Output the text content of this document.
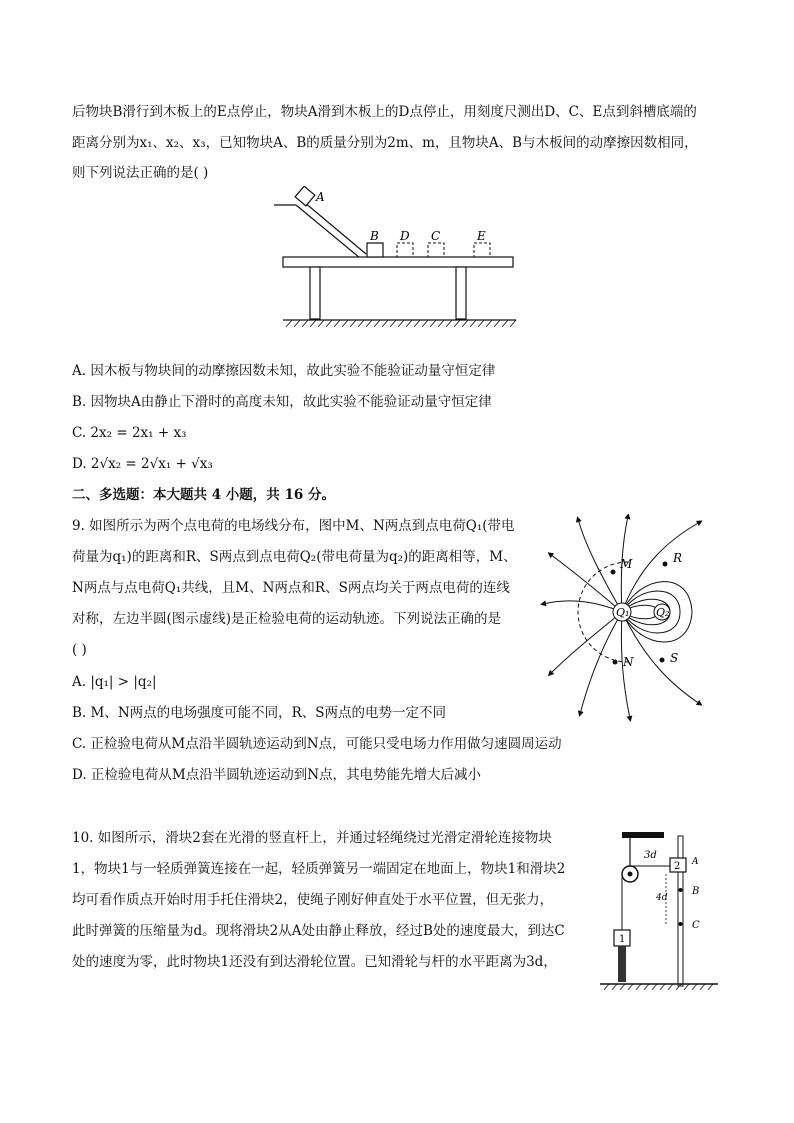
后物块B滑行到木板上的E点停止，物块A滑到木板上的D点停止，用刻度尺测出D、C、E点到斜槽底端的
距离分别为x₁、x₂、x₃，已知物块A、B的质量分别为2m、m，且物块A、B与木板间的动摩擦因数相同，
则下列说法正确的是( )
A
B D C	E
A. 因木板与物块间的动摩擦因数未知，故此实验不能验证动量守恒定律
B. 因物块A由静止下滑时的高度未知，故此实验不能验证动量守恒定律
C. 2x₂ = 2x₁ + x₃
D. 2√x₂ = 2√x₁ + √x₃
二、多选题：本大题共 4 小题，共 16 分。
9. 如图所示为两个点电荷的电场线分布，图中M、N两点到点电荷Q₁(带电
荷量为q₁)的距离和R、S两点到点电荷Q₂(带电荷量为q₂)的距离相等，M、
N两点与点电荷Q₁共线，且M、N两点和R、S两点均关于两点电荷的连线
对称，左边半圆(图示虚线)是正检验电荷的运动轨迹。下列说法正确的是
( )
Q₁ Q₂
M	R
N	S
A. |q₁| > |q₂|
B. M、N两点的电场强度可能不同，R、S两点的电势一定不同
C. 正检验电荷从M点沿半圆轨迹运动到N点，可能只受电场力作用做匀速圆周运动
D. 正检验电荷从M点沿半圆轨迹运动到N点，其电势能先增大后减小
10. 如图所示，滑块2套在光滑的竖直杆上，并通过轻绳绕过光滑定滑轮连接物块
1，物块1与一轻质弹簧连接在一起，轻质弹簧另一端固定在地面上，物块1和滑块2
均可看作质点开始时用手托住滑块2，使绳子刚好伸直处于水平位置，但无张力，
此时弹簧的压缩量为d。现将滑块2从A处由静止释放，经过B处的速度最大，到达C
处的速度为零，此时物块1还没有到达滑轮位置。已知滑轮与杆的水平距离为3d，
3d
2 A
4d
B
C
1
